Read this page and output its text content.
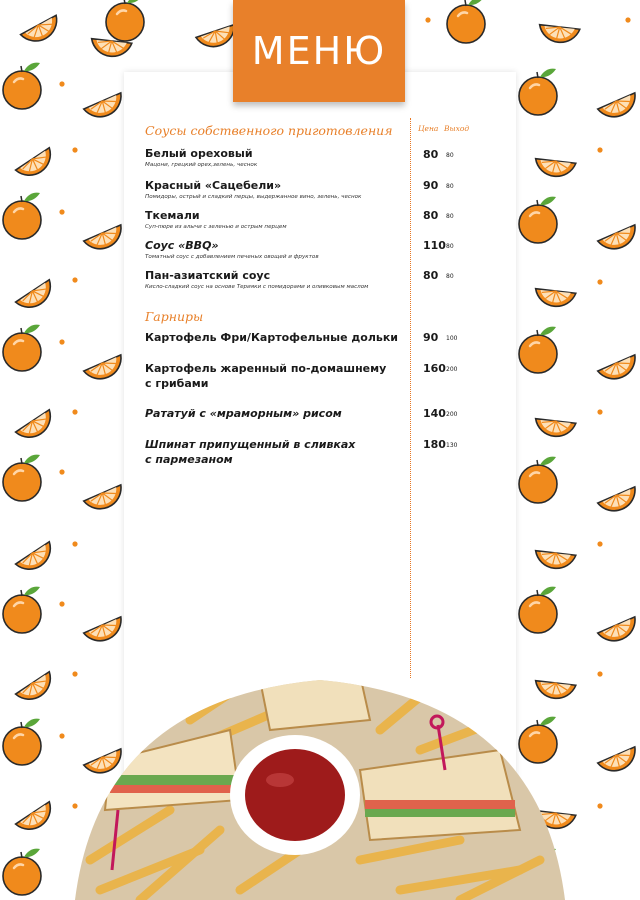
МЕНЮ
Цена Выход
Соусы собственного приготовления
Белый ореховый
Мацони, грецкий орех,зелень, чеснок
80 80
Красный «Сацебели»
Помидоры, острый и сладкий перцы, выдержанное вино, зелень, чеснок
90 80
Ткемали
Суп-пюре из алычи с зеленью и острым перцем
80 80
Соус «BBQ»
Томатный соус с добавлением печеных овощей и фруктов
110 80
Пан-азиатский соус
Кисло-сладкий соус на основе Терияки с помидорами и оливковым маслом
80 80
Гарниры
Картофель Фри/Картофельные дольки	90 100
Картофель жаренный по-домашнему
с грибами
160 200
Рататуй с «мраморным» рисом	140 200
Шпинат припущенный в сливках
с пармезаном
180 130
